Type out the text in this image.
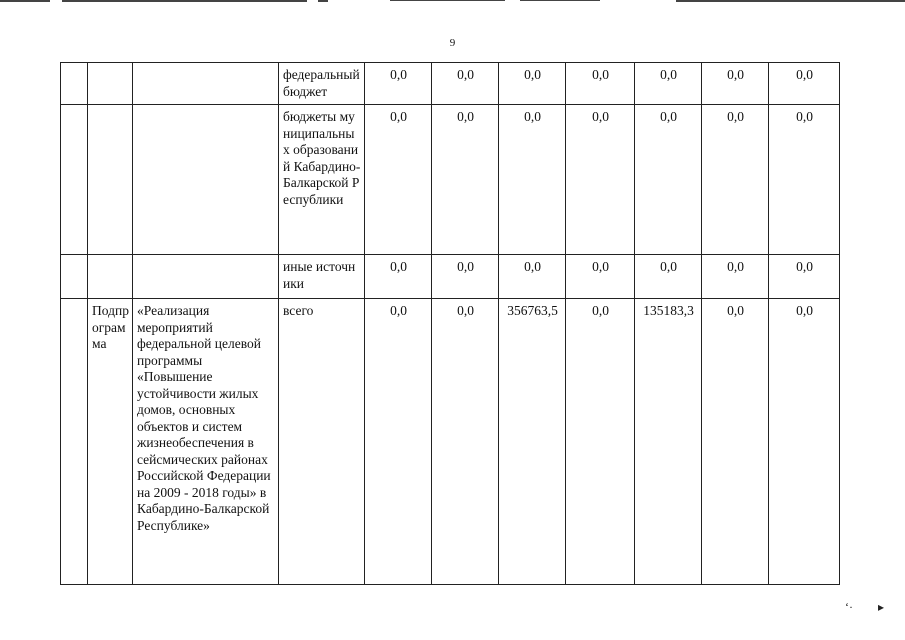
9
			федеральный бюджет	0,0	0,0	0,0	0,0	0,0	0,0	0,0
			бюджеты муниципальных образований Кабардино-Балкарской Республики	0,0	0,0	0,0	0,0	0,0	0,0	0,0
			иные источники	0,0	0,0	0,0	0,0	0,0	0,0	0,0
	Подпрограмма	«Реализация мероприятий федеральной целевой программы «Повышение устойчивости жилых домов, основных объектов и систем жизнеобеспечения в сейсмических районах Российской Федерации на 2009 - 2018 годы» в Кабардино-Балкарской Республике»	всего	0,0	0,0	356763,5	0,0	135183,3	0,0	0,0
‘· ▸
